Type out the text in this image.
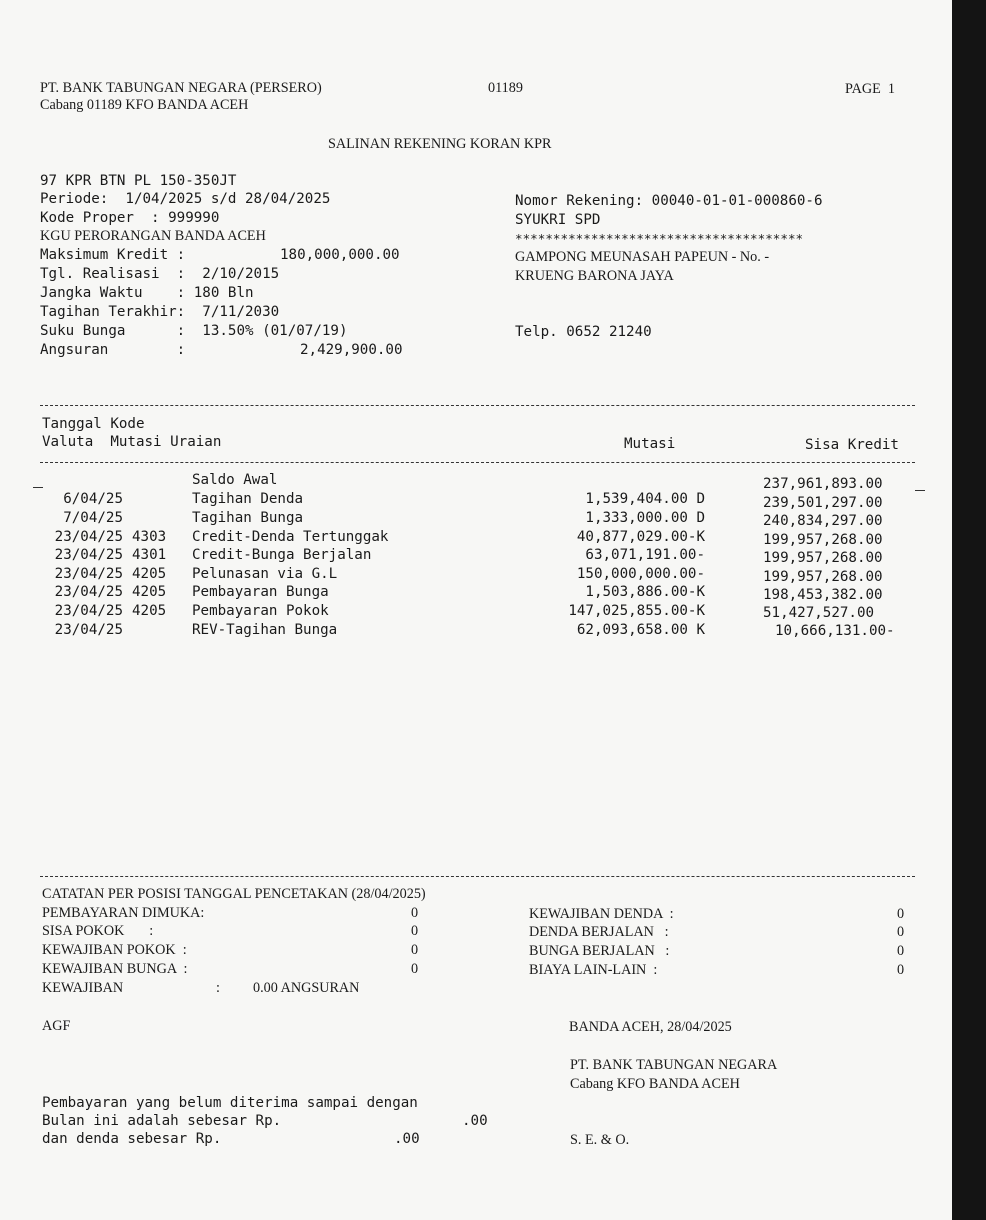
PT. BANK TABUNGAN NEGARA (PERSERO)	01189	PAGE  1
Cabang 01189 KFO BANDA ACEH
SALINAN REKENING KORAN KPR
97 KPR BTN PL 150-350JT
Periode:  1/04/2025 s/d 28/04/2025
Kode Proper  : 999990
KGU PERORANGAN BANDA ACEH
Maksimum Kredit :	180,000,000.00
Tgl. Realisasi  :  2/10/2015
Jangka Waktu    : 180 Bln
Tagihan Terakhir:  7/11/2030
Suku Bunga      :  13.50% (01/07/19)
Angsuran        :	2,429,900.00
Nomor Rekening: 00040-01-01-000860-6
SYUKRI SPD
**************************************
GAMPONG MEUNASAH PAPEUN - No. -
KRUENG BARONA JAYA
Telp. 0652 21240
Tanggal Kode
Valuta  Mutasi Uraian	Mutasi	Sisa Kredit
Saldo Awal	237,961,893.00
6/04/25	Tagihan Denda	1,539,404.00 D	239,501,297.00
7/04/25	Tagihan Bunga	1,333,000.00 D	240,834,297.00
23/04/25 4303 Credit-Denda Tertunggak	40,877,029.00-K	199,957,268.00
23/04/25 4301 Credit-Bunga Berjalan	63,071,191.00-	199,957,268.00
23/04/25 4205 Pelunasan via G.L	150,000,000.00-	199,957,268.00
23/04/25 4205 Pembayaran Bunga	1,503,886.00-K	198,453,382.00
23/04/25 4205 Pembayaran Pokok	147,025,855.00-K	51,427,527.00
23/04/25	REV-Tagihan Bunga	62,093,658.00 K	10,666,131.00-
CATATAN PER POSISI TANGGAL PENCETAKAN (28/04/2025)
PEMBAYARAN DIMUKA:	0
SISA POKOK       :	0
KEWAJIBAN POKOK  :	0
KEWAJIBAN BUNGA  :	0
KEWAJIBAN DENDA  :	0
DENDA BERJALAN   :	0
BUNGA BERJALAN   :	0
BIAYA LAIN-LAIN  :	0
KEWAJIBAN	: 0.00 ANGSURAN
AGF	BANDA ACEH, 28/04/2025
PT. BANK TABUNGAN NEGARA
Cabang KFO BANDA ACEH
Pembayaran yang belum diterima sampai dengan
Bulan ini adalah sebesar Rp.	.00
dan denda sebesar Rp.	.00	S. E. & O.
